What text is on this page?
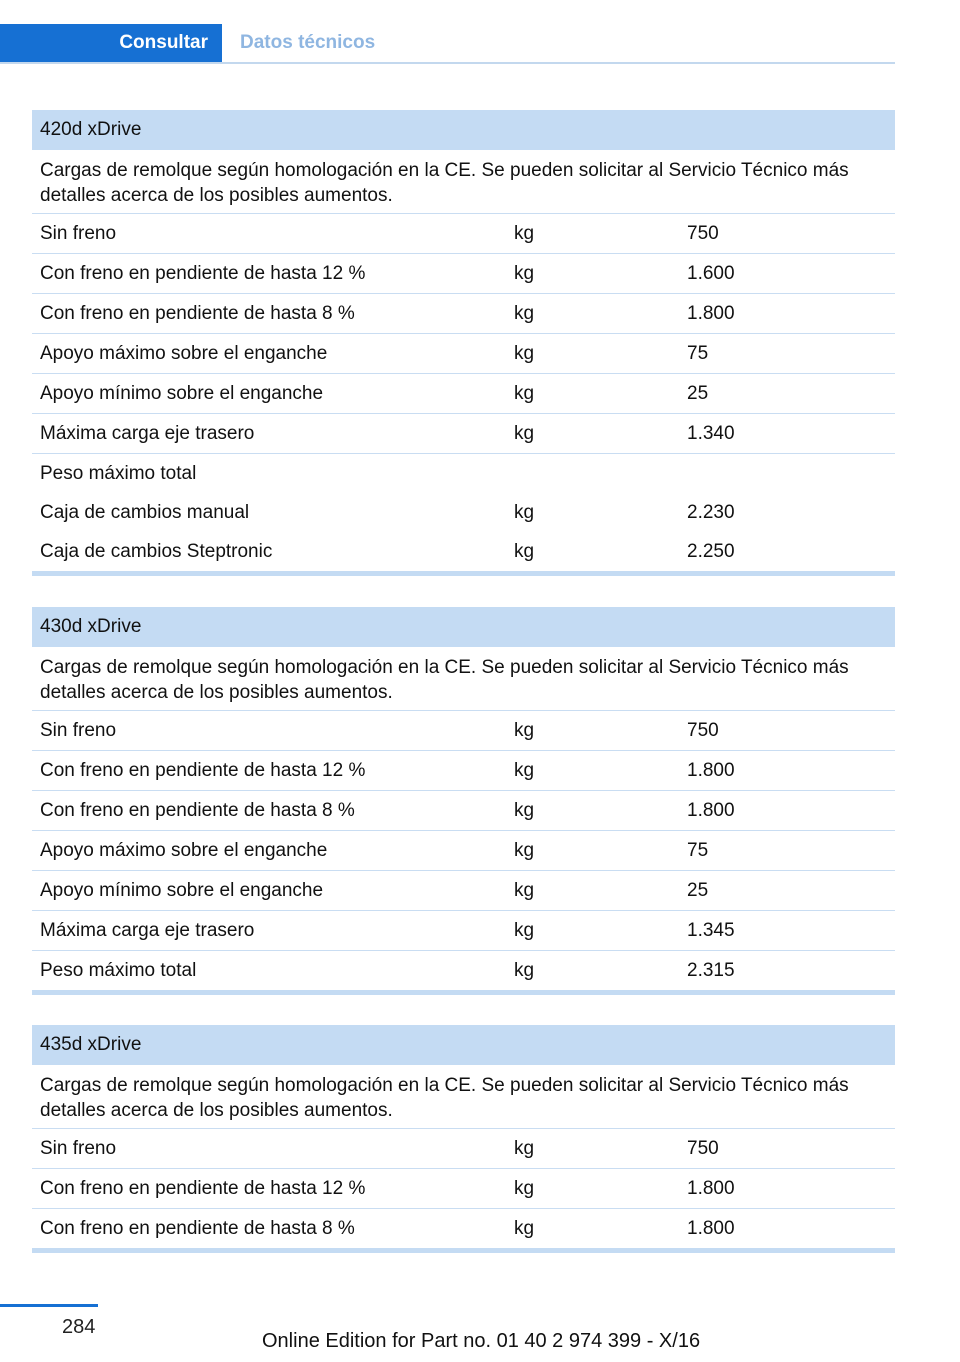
Consultar	Datos técnicos
420d xDrive
Cargas de remolque según homologación en la CE. Se pueden solicitar al Servicio Técnico más detalles acerca de los posibles aumentos.
Sin freno	kg	750
Con freno en pendiente de hasta 12 %	kg	1.600
Con freno en pendiente de hasta 8 %	kg	1.800
Apoyo máximo sobre el enganche	kg	75
Apoyo mínimo sobre el enganche	kg	25
Máxima carga eje trasero	kg	1.340
Peso máximo total
Caja de cambios manual	kg	2.230
Caja de cambios Steptronic	kg	2.250
430d xDrive
Cargas de remolque según homologación en la CE. Se pueden solicitar al Servicio Técnico más detalles acerca de los posibles aumentos.
Sin freno	kg	750
Con freno en pendiente de hasta 12 %	kg	1.800
Con freno en pendiente de hasta 8 %	kg	1.800
Apoyo máximo sobre el enganche	kg	75
Apoyo mínimo sobre el enganche	kg	25
Máxima carga eje trasero	kg	1.345
Peso máximo total	kg	2.315
435d xDrive
Cargas de remolque según homologación en la CE. Se pueden solicitar al Servicio Técnico más detalles acerca de los posibles aumentos.
Sin freno	kg	750
Con freno en pendiente de hasta 12 %	kg	1.800
Con freno en pendiente de hasta 8 %	kg	1.800
284
Online Edition for Part no. 01 40 2 974 399 - X/16
